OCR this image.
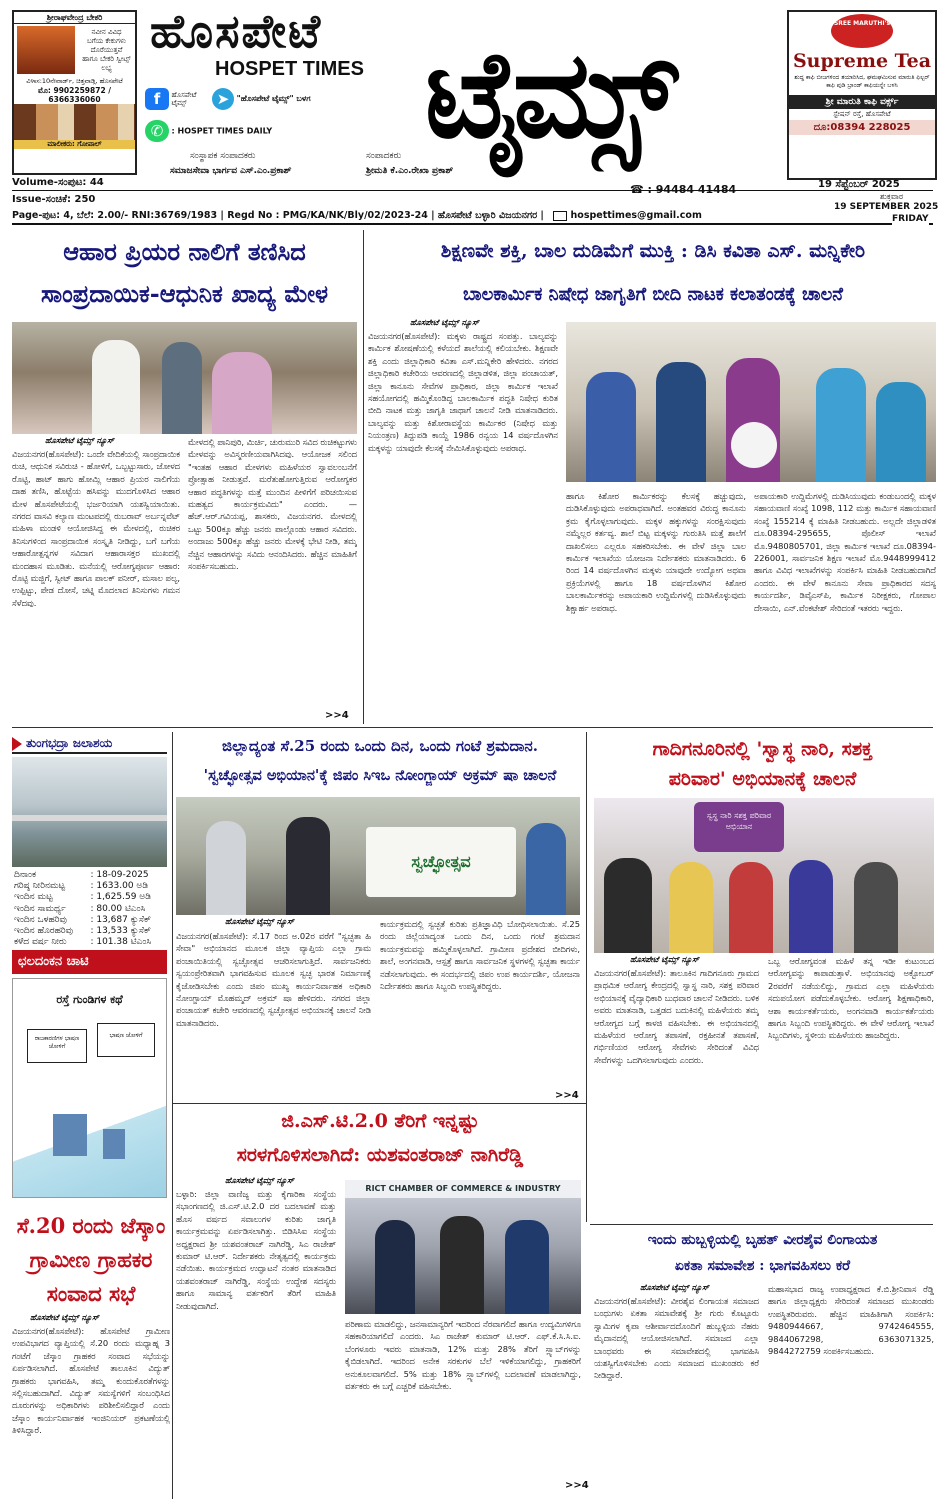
ಶ್ರೀರಾಘವೇಂದ್ರ ಬೇಕರಿ
ನವೀನ ವಿವಿಧ
ಬಗೆಯ ಕೇಕುಗಳು
ದೊರೆಯುತ್ತವೆ
ಹಾಗೂ ಬೇಕರಿ ಸ್ವೀಟ್ಸ್ ಲಭ್ಯ
ವಿಳಾಸ:10ನೇವಾರ್ಡ್, ಚಿತ್ತವಾಡ್ಗಿ, ಹೊಸಪೇಟೆ
ಮೊ: 9902259872 / 6366336060
ಮಾಲೀಕರು: ಗೋಪಾಲ್
ಹೊಸಪೇಟೆ
HOSPET TIMES
f ಹೊಸಪೇಟೆ ಟೈಮ್ಸ್ ➤ "ಹೊಸಪೇಟೆ ಟೈಮ್ಸ್" ಬಳಗ
✆ : HOSPET TIMES DAILY	ಟೈಮ್ಸ್
SREE MARUTHI's
Supreme Tea
ಶುದ್ಧ ಕಾಫಿ ಬೀಜಗಳಿಂದ ತಯಾರಿಸಿದ, ಘಮಘಮಿಸುವ ಮಾರುತಿ ಫಿಲ್ಟರ್ ಕಾಫಿ ಪುಡಿ ಬ್ರಾಂಡ್ ಕಾಫಿಯನ್ನೇ ಬಳಸಿ
ಶ್ರೀ ಮಾರುತಿ ಕಾಫಿ ವರ್ಕ್ಸ್
ಸ್ಟೇಷನ್ ರಸ್ತೆ, ಹೊಸಪೇಟೆ
ದೂ:08394 228025
ಸಂಸ್ಥಾಪಕ ಸಂಪಾದಕರು
ಸಮಾಜಸೇವಾ ಭಾರ್ಗವ ಎಸ್.ಎಂ.ಪ್ರಕಾಶ್
ಸಂಪಾದಕರು
ಶ್ರೀಮತಿ ಕೆ.ಎಂ.ರೇಖಾ ಪ್ರಕಾಶ್
☎ : 94484 41484	19 ಸೆಪ್ಟೆಂಬರ್ 2025
ಶುಕ್ರವಾರ
Volume-ಸಂಪುಟ: 44
Issue-ಸಂಚಿಕೆ: 250
Page-ಪುಟ: 4, ಬೆಲೆ: 2.00/- RNI:36769/1983 | Regd No : PMG/KA/NK/Bly/02/2023-24 | ಹೊಸಪೇಟೆ ಬಳ್ಳಾರಿ ವಿಜಯನಗರ |	hospettimes@gmail.com
19 SEPTEMBER 2025
FRIDAY
ಆಹಾರ ಪ್ರಿಯರ ನಾಲಿಗೆ ತಣಿಸಿದ
ಸಾಂಪ್ರದಾಯಿಕ-ಆಧುನಿಕ ಖಾದ್ಯ ಮೇಳ
ಹೊಸಪೇಟೆ ಟೈಮ್ಸ್ ನ್ಯೂಸ್
ವಿಜಯನಗರ(ಹೊಸಪೇಟೆ): ಒಂದೇ ವೇದಿಕೆಯಲ್ಲಿ ಸಾಂಪ್ರದಾಯಿಕ ರುಚಿ, ಆಧುನಿಕ ಸವಿರುಚಿ - ಹೋಳಿಗೆ, ಒಬ್ಬಟ್ಟುಸಾರು, ಜೋಳದ ರೊಟ್ಟಿ, ಹಾಟ್ ಹಾಗು ಹೋಮ್ಲಿ ಆಹಾರ ಪ್ರಿಯರ ನಾಲಿಗೆಯ ದಾಹ ತಣಿಸಿ, ಹೊಟ್ಟೆಯ ಹಸಿವನ್ನು ಮುದಗೊಳಿಸಿದ ಆಹಾರ ಮೇಳ ಹೊಸಪೇಟೆಯಲ್ಲಿ ಭರ್ಜರಿಯಾಗಿ ಯಶಸ್ವಿಯಾಯಿತು. ನಗರದ ವಾಸವಿ ಕಲ್ಯಾಣ ಮಂಟಪದಲ್ಲಿ ರುಬರಾವ್ ಅರ್ಬನ್ನವೆಟ್ ಮಹಿಳಾ ಮಂಡಳಿ ಆಯೋಜಿಸಿದ್ದ ಈ ಮೇಳದಲ್ಲಿ, ರುಚಿಕರ ತಿನಿಸುಗಳಿಂದ ಸಾಂಪ್ರದಾಯಿಕ ಸಂಸ್ಕೃತಿ ನೀಡಿದ್ದು, ಬಗೆ ಬಗೆಯ ಆಹಾರೋತ್ಪನ್ನಗಳ ಸವಿದಾಗ ಆಹಾರಾಸಕ್ತರ ಮುಖದಲ್ಲಿ ಮಂದಹಾಸ ಮೂಡಿತು. ಮನೆಯಲ್ಲಿ ಆರೋಗ್ಯಪೂರ್ಣ ಆಹಾರ: ರೊಟ್ಟಿ ಮಜ್ಜಿಗೆ, ಸ್ವೀಟ್ ಹಾಗೂ ಪಾಲಕ್ ಪನೀರ್, ಮಸಾಲ ಪಲ್ಯ, ಉಪ್ಪಿಟ್ಟು, ಪೇಡ ದೋಸೆ, ಚಟ್ನಿ ಮೊದಲಾದ ತಿನಿಸುಗಳು ಗಮನ ಸೆಳೆದವು.
ಮೇಳದಲ್ಲಿ ಪಾನಿಪುರಿ, ಮಿರ್ಚಿ, ಚುರುಮುರಿ ಸವಿದ ರುಚಿಕಟ್ಟುಗಳು ಮೇಳವನ್ನು ಅವಿಸ್ಮರಣೀಯವಾಗಿಸಿದವು. ಆಯೋಜಕ ಸಲಿಂದ "ಇಂತಹ ಆಹಾರ ಮೇಳಗಳು ಮಹಿಳೆಯರ ಸ್ವಾವಲಂಬನೆಗೆ ಪ್ರೋತ್ಸಾಹ ನೀಡುತ್ತವೆ. ಮರೆತುಹೋಗುತ್ತಿರುವ ಆರೋಗ್ಯಕರ ಆಹಾರ ಪದ್ಧತಿಗಳನ್ನು ಮತ್ತೆ ಮುಂದಿನ ಪೀಳಿಗೆಗೆ ಪರಿಚಯಿಸುವ ಮಹತ್ವದ ಕಾರ್ಯಕ್ರಮವಿದು" ಎಂದರು. —ಹೆಚ್.ಆರ್.ಗವಿಯಪ್ಪ, ಶಾಸಕರು, ವಿಜಯನಗರ. ಮೇಳದಲ್ಲಿ ಒಟ್ಟು 500ಕ್ಕೂ ಹೆಚ್ಚು ಜನರು ಪಾಲ್ಗೊಂಡು ಆಹಾರ ಸವಿದರು. ಅಂದಾಜು 500ಕ್ಕೂ ಹೆಚ್ಚು ಜನರು ಮೇಳಕ್ಕೆ ಭೇಟಿ ನೀಡಿ, ತಮ್ಮ ನೆಚ್ಚಿನ ಆಹಾರಗಳನ್ನು ಸವಿದು ಆನಂದಿಸಿದರು. ಹೆಚ್ಚಿನ ಮಾಹಿತಿಗೆ ಸಂಪರ್ಕಿಸಬಹುದು.
>>4
ಶಿಕ್ಷಣವೇ ಶಕ್ತಿ, ಬಾಲ ದುಡಿಮೆಗೆ ಮುಕ್ತಿ : ಡಿಸಿ ಕವಿತಾ ಎಸ್. ಮನ್ನಿಕೇರಿ
ಬಾಲಕಾರ್ಮಿಕ ನಿಷೇಧ ಜಾಗೃತಿಗೆ ಬೀದಿ ನಾಟಕ ಕಲಾತಂಡಕ್ಕೆ ಚಾಲನೆ
ಹೊಸಪೇಟೆ ಟೈಮ್ಸ್ ನ್ಯೂಸ್
ವಿಜಯನಗರ(ಹೊಸಪೇಟೆ): ಮಕ್ಕಳು ರಾಷ್ಟ್ರದ ಸಂಪತ್ತು. ಬಾಲ್ಯವನ್ನು ಕಾರ್ಮಿಕ ಶೋಷಣೆಯಲ್ಲಿ ಕಳೆಯದೆ ಶಾಲೆಯಲ್ಲಿ ಕಲಿಯಬೇಕು. ಶಿಕ್ಷಣವೇ ಶಕ್ತಿ ಎಂದು ಜಿಲ್ಲಾಧಿಕಾರಿ ಕವಿತಾ ಎಸ್.ಮನ್ನಿಕೇರಿ ಹೇಳಿದರು. ನಗರದ ಜಿಲ್ಲಾಧಿಕಾರಿ ಕಚೇರಿಯ ಆವರಣದಲ್ಲಿ ಜಿಲ್ಲಾಡಳಿತ, ಜಿಲ್ಲಾ ಪಂಚಾಯತ್, ಜಿಲ್ಲಾ ಕಾನೂನು ಸೇವೆಗಳ ಪ್ರಾಧಿಕಾರ, ಜಿಲ್ಲಾ ಕಾರ್ಮಿಕ ಇಲಾಖೆ ಸಹಯೋಗದಲ್ಲಿ ಹಮ್ಮಿಕೊಂಡಿದ್ದ ಬಾಲಕಾರ್ಮಿಕ ಪದ್ಧತಿ ನಿಷೇಧ ಕುರಿತ ಬೀದಿ ನಾಟಕ ಮತ್ತು ಜಾಗೃತಿ ಜಾಥಾಗೆ ಚಾಲನೆ ನೀಡಿ ಮಾತನಾಡಿದರು. ಬಾಲ್ಯವನ್ನು ಮತ್ತು ಕಿಶೋರಾವಸ್ಥೆಯ ಕಾರ್ಮಿಕರ (ನಿಷೇಧ ಮತ್ತು ನಿಯಂತ್ರಣ) ತಿದ್ದುಪಡಿ ಕಾಯ್ದೆ 1986 ರನ್ವಯ 14 ವರ್ಷದೊಳಗಿನ ಮಕ್ಕಳನ್ನು ಯಾವುದೇ ಕೆಲಸಕ್ಕೆ ನೇಮಿಸಿಕೊಳ್ಳುವುದು ಅಪರಾಧ.
ಹಾಗೂ ಕಿಶೋರ ಕಾರ್ಮಿಕರನ್ನು ಕೆಲಸಕ್ಕೆ ಹಚ್ಚುವುದು, ದುಡಿಸಿಕೊಳ್ಳುವುದು ಅಪರಾಧವಾಗಿದೆ. ಅಂತಹವರ ವಿರುದ್ಧ ಕಾನೂನು ಕ್ರಮ ಕೈಗೊಳ್ಳಲಾಗುವುದು. ಮಕ್ಕಳ ಹಕ್ಕುಗಳನ್ನು ಸಂರಕ್ಷಿಸುವುದು ನಮ್ಮೆಲ್ಲರ ಕರ್ತವ್ಯ. ಶಾಲೆ ಬಿಟ್ಟ ಮಕ್ಕಳನ್ನು ಗುರುತಿಸಿ ಮತ್ತೆ ಶಾಲೆಗೆ ದಾಖಲಿಸಲು ಎಲ್ಲರೂ ಸಹಕರಿಸಬೇಕು. ಈ ವೇಳೆ ಜಿಲ್ಲಾ ಬಾಲ ಕಾರ್ಮಿಕ ಇಲಾಖೆಯ ಯೋಜನಾ ನಿರ್ದೇಶಕರು ಮಾತನಾಡಿದರು. 6 ರಿಂದ 14 ವರ್ಷದೊಳಗಿನ ಮಕ್ಕಳು ಯಾವುದೇ ಉದ್ಯೋಗ ಅಥವಾ ಪ್ರಕ್ರಿಯೆಗಳಲ್ಲಿ ಹಾಗೂ 18 ವರ್ಷದೊಳಗಿನ ಕಿಶೋರ ಬಾಲಕಾರ್ಮಿಕರನ್ನು ಅಪಾಯಕಾರಿ ಉದ್ದಿಮೆಗಳಲ್ಲಿ ದುಡಿಸಿಕೊಳ್ಳುವುದು ಶಿಕ್ಷಾರ್ಹ ಅಪರಾಧ.
ಅಪಾಯಕಾರಿ ಉದ್ದಿಮೆಗಳಲ್ಲಿ ದುಡಿಸಿಯುವುದು ಕಂಡುಬಂದಲ್ಲಿ ಮಕ್ಕಳ ಸಹಾಯವಾಣಿ ಸಂಖ್ಯೆ 1098, 112 ಮತ್ತು ಕಾರ್ಮಿಕ ಸಹಾಯವಾಣಿ ಸಂಖ್ಯೆ 155214 ಕ್ಕೆ ಮಾಹಿತಿ ನೀಡಬಹುದು. ಅಲ್ಲದೇ ಜಿಲ್ಲಾಡಳಿತ ದೂ.08394-295655, ಪೊಲೀಸ್ ಇಲಾಖೆ ಮೊ.9480805701, ಜಿಲ್ಲಾ ಕಾರ್ಮಿಕ ಇಲಾಖೆ ದೂ.08394-226001, ಸಾರ್ವಜನಿಕ ಶಿಕ್ಷಣ ಇಲಾಖೆ ಮೊ.9448999412 ಹಾಗೂ ವಿವಿಧ ಇಲಾಖೆಗಳನ್ನು ಸಂಪರ್ಕಿಸಿ ಮಾಹಿತಿ ನೀಡಬಹುದಾಗಿದೆ ಎಂದರು. ಈ ವೇಳೆ ಕಾನೂನು ಸೇವಾ ಪ್ರಾಧಿಕಾರದ ಸದಸ್ಯ ಕಾರ್ಯದರ್ಶಿ, ಡಿವೈಎಸ್‌ಪಿ, ಕಾರ್ಮಿಕ ನಿರೀಕ್ಷಕರು, ಗೋಪಾಲ ದೇಸಾಯಿ, ಎನ್.ವೆಂಕಟೇಶ್ ಸೇರಿದಂತೆ ಇತರರು ಇದ್ದರು.
ತುಂಗಭದ್ರಾ ಜಲಾಶಯ
ದಿನಾಂಕ	: 18-09-2025
ಗರಿಷ್ಠ ನೀರಿನಮಟ್ಟ	: 1633.00 ಅಡಿ
ಇಂದಿನ ಮಟ್ಟ	: 1,625.59 ಅಡಿ
ಇಂದಿನ ಸಾಮರ್ಥ್ಯ	: 80.00 ಟಿಎಂಸಿ
ಇಂದಿನ ಒಳಹರಿವು	: 13,687 ಕ್ಯುಸೆಕ್
ಇಂದಿನ ಹೊರಹರಿವು	: 13,533 ಕ್ಯುಸೆಕ್
ಕಳೆದ ವರ್ಷ ನೀರು	: 101.38 ಟಿಎಂಸಿ
ಛಲದಂಕನ ಚಾಟಿ
ರಸ್ತೆ ಗುಂಡಿಗಳ ಕಥೆ
ರಾಜಕಾರಣಿಗಳ ಭಾಷಣ ಜೋಳಿಗೆ
ಭಾಷಣ ಜೋಳಿಗೆ
ಜಿಲ್ಲಾದ್ಯಂತ ಸೆ.25 ರಂದು ಒಂದು ದಿನ, ಒಂದು ಗಂಟೆ ಶ್ರಮದಾನ.
'ಸ್ವಚ್ಛೋತ್ಸವ ಅಭಿಯಾನ'ಕ್ಕೆ ಜಿಪಂ ಸಿಇಒ ನೋಂಗ್ಜಾಯ್ ಅಕ್ರಮ್ ಷಾ ಚಾಲನೆ
ಸ್ವಚ್ಛೋತ್ಸವ
ಹೊಸಪೇಟೆ ಟೈಮ್ಸ್ ನ್ಯೂಸ್
ವಿಜಯನಗರ(ಹೊಸಪೇಟೆ): ಸೆ.17 ರಿಂದ ಅ.02ರ ವರೆಗೆ "ಸ್ವಚ್ಛತಾ ಹಿ ಸೇವಾ" ಅಭಿಯಾನದ ಮೂಲಕ ಜಿಲ್ಲಾ ವ್ಯಾಪ್ತಿಯ ಎಲ್ಲಾ ಗ್ರಾಮ ಪಂಚಾಯಿತಿಯಲ್ಲಿ ಸ್ವಚ್ಛೋತ್ಸವ ಆಚರಿಸಲಾಗುತ್ತಿದೆ. ಸಾರ್ವಜನಿಕರು ಸ್ವಯಂಪ್ರೇರಿತವಾಗಿ ಭಾಗವಹಿಸುವ ಮೂಲಕ ಸ್ವಚ್ಛ ಭಾರತ ನಿರ್ಮಾಣಕ್ಕೆ ಕೈಜೋಡಿಸಬೇಕು ಎಂದು ಜಿಪಂ ಮುಖ್ಯ ಕಾರ್ಯನಿರ್ವಾಹಕ ಅಧಿಕಾರಿ ನೋಂಗ್ಜಾಯ್ ಮೊಹಮ್ಮದ್ ಅಕ್ರಮ್ ಷಾ ಹೇಳಿದರು. ನಗರದ ಜಿಲ್ಲಾ ಪಂಚಾಯತ್ ಕಚೇರಿ ಆವರಣದಲ್ಲಿ ಸ್ವಚ್ಛೋತ್ಸವ ಅಭಿಯಾನಕ್ಕೆ ಚಾಲನೆ ನೀಡಿ ಮಾತನಾಡಿದರು.
ಕಾರ್ಯಕ್ರಮದಲ್ಲಿ ಸ್ವಚ್ಛತೆ ಕುರಿತು ಪ್ರತಿಜ್ಞಾವಿಧಿ ಬೋಧಿಸಲಾಯಿತು. ಸೆ.25 ರಂದು ಜಿಲ್ಲೆಯಾದ್ಯಂತ ಒಂದು ದಿನ, ಒಂದು ಗಂಟೆ ಶ್ರಮದಾನ ಕಾರ್ಯಕ್ರಮವನ್ನು ಹಮ್ಮಿಕೊಳ್ಳಲಾಗಿದೆ. ಗ್ರಾಮೀಣ ಪ್ರದೇಶದ ಬೀದಿಗಳು, ಶಾಲೆ, ಅಂಗನವಾಡಿ, ಆಸ್ಪತ್ರೆ ಹಾಗೂ ಸಾರ್ವಜನಿಕ ಸ್ಥಳಗಳಲ್ಲಿ ಸ್ವಚ್ಛತಾ ಕಾರ್ಯ ನಡೆಸಲಾಗುವುದು. ಈ ಸಂದರ್ಭದಲ್ಲಿ ಜಿಪಂ ಉಪ ಕಾರ್ಯದರ್ಶಿ, ಯೋಜನಾ ನಿರ್ದೇಶಕರು ಹಾಗೂ ಸಿಬ್ಬಂದಿ ಉಪಸ್ಥಿತರಿದ್ದರು.
>>4
ಗಾದಿಗನೂರಿನಲ್ಲಿ 'ಸ್ವಾಸ್ಥ ನಾರಿ, ಸಶಕ್ತ
ಪರಿವಾರ' ಅಭಿಯಾನಕ್ಕೆ ಚಾಲನೆ
ಸ್ವಸ್ಥ ನಾರಿ ಸಶಕ್ತ ಪರಿವಾರ ಅಭಿಯಾನ
ಹೊಸಪೇಟೆ ಟೈಮ್ಸ್ ನ್ಯೂಸ್
ವಿಜಯನಗರ(ಹೊಸಪೇಟೆ): ತಾಲೂಕಿನ ಗಾದಿಗನೂರು ಗ್ರಾಮದ ಪ್ರಾಥಮಿಕ ಆರೋಗ್ಯ ಕೇಂದ್ರದಲ್ಲಿ ಸ್ವಾಸ್ಥ ನಾರಿ, ಸಶಕ್ತ ಪರಿವಾರ ಅಭಿಯಾನಕ್ಕೆ ವೈದ್ಯಾಧಿಕಾರಿ ಬುಧವಾರ ಚಾಲನೆ ನೀಡಿದರು. ಬಳಿಕ ಅವರು ಮಾತನಾಡಿ, ಒತ್ತಡದ ಬದುಕಿನಲ್ಲಿ ಮಹಿಳೆಯರು ತಮ್ಮ ಆರೋಗ್ಯದ ಬಗ್ಗೆ ಕಾಳಜಿ ವಹಿಸಬೇಕು. ಈ ಅಭಿಯಾನದಲ್ಲಿ ಮಹಿಳೆಯರ ಆರೋಗ್ಯ ತಪಾಸಣೆ, ರಕ್ತಹೀನತೆ ತಪಾಸಣೆ, ಗರ್ಭಿಣಿಯರ ಆರೋಗ್ಯ ಸೇವೆಗಳು ಸೇರಿದಂತೆ ವಿವಿಧ ಸೇವೆಗಳನ್ನು ಒದಗಿಸಲಾಗುವುದು ಎಂದರು.
ಒಬ್ಬ ಆರೋಗ್ಯವಂತ ಮಹಿಳೆ ತನ್ನ ಇಡೀ ಕುಟುಂಬದ ಆರೋಗ್ಯವನ್ನು ಕಾಪಾಡುತ್ತಾಳೆ. ಅಭಿಯಾನವು ಅಕ್ಟೋಬರ್ 2ರವರೆಗೆ ನಡೆಯಲಿದ್ದು, ಗ್ರಾಮದ ಎಲ್ಲಾ ಮಹಿಳೆಯರು ಸದುಪಯೋಗ ಪಡೆದುಕೊಳ್ಳಬೇಕು. ಆರೋಗ್ಯ ಶಿಕ್ಷಣಾಧಿಕಾರಿ, ಆಶಾ ಕಾರ್ಯಕರ್ತೆಯರು, ಅಂಗನವಾಡಿ ಕಾರ್ಯಕರ್ತೆಯರು ಹಾಗೂ ಸಿಬ್ಬಂದಿ ಉಪಸ್ಥಿತರಿದ್ದರು. ಈ ವೇಳೆ ಆರೋಗ್ಯ ಇಲಾಖೆ ಸಿಬ್ಬಂದಿಗಳು, ಸ್ಥಳೀಯ ಮಹಿಳೆಯರು ಹಾಜರಿದ್ದರು.
ಜಿ.ಎಸ್.ಟಿ.2.0 ತೆರಿಗೆ ಇನ್ನಷ್ಟು
ಸರಳಗೊಳಿಸಲಾಗಿದೆ: ಯಶವಂತರಾಜ್ ನಾಗಿರೆಡ್ಡಿ
ಹೊಸಪೇಟೆ ಟೈಮ್ಸ್ ನ್ಯೂಸ್
ಬಳ್ಳಾರಿ: ಜಿಲ್ಲಾ ವಾಣಿಜ್ಯ ಮತ್ತು ಕೈಗಾರಿಕಾ ಸಂಸ್ಥೆಯ ಸಭಾಂಗಣದಲ್ಲಿ ಜಿ.ಎಸ್.ಟಿ.2.0 ದರ ಬದಲಾವಣೆ ಮತ್ತು ಹೊಸ ವರ್ಷದ ಸವಾಲುಗಳ ಕುರಿತು ಜಾಗೃತಿ ಕಾರ್ಯಕ್ರಮವನ್ನು ಏರ್ಪಡಿಸಲಾಗಿತ್ತು. ಬಿಡಿಸಿಸಿಐ ಸಂಸ್ಥೆಯ ಅಧ್ಯಕ್ಷರಾದ ಶ್ರೀ ಯಶವಂತರಾಜ್ ನಾಗಿರೆಡ್ಡಿ, ಸಿಎ ರಾಜೇಶ್ ಕುಮಾರ್ ಟಿ.ಆರ್. ನಿರ್ದೇಶಕರು ನೇತೃತ್ವದಲ್ಲಿ ಕಾರ್ಯಕ್ರಮ ನಡೆಯಿತು. ಕಾರ್ಯಕ್ರಮದ ಉದ್ಘಾಟನೆ ನಂತರ ಮಾತನಾಡಿದ ಯಶವಂತರಾಜ್ ನಾಗಿರೆಡ್ಡಿ, ಸಂಸ್ಥೆಯ ಉದ್ದೇಶ ಸದಸ್ಯರು ಹಾಗೂ ಸಾಮಾನ್ಯ ವರ್ತಕರಿಗೆ ತೆರಿಗೆ ಮಾಹಿತಿ ನೀಡುವುದಾಗಿದೆ.
RICT CHAMBER OF COMMERCE & INDUSTRY
ಪರಿಣಾಮ ಮಾಡಲಿದ್ದು, ಜನಸಾಮಾನ್ಯರಿಗೆ ಇದರಿಂದ ನೆರವಾಗಲಿದೆ ಹಾಗೂ ಉದ್ಯಮಿಗಳಿಗೂ ಸಹಕಾರಿಯಾಗಲಿದೆ ಎಂದರು. ಸಿಎ ರಾಜೇಶ್ ಕುಮಾರ್ ಟಿ.ಆರ್. ಎಫ್.ಕೆ.ಸಿ.ಸಿ.ಐ. ಬೆಂಗಳೂರು ಇವರು ಮಾತನಾಡಿ, 12% ಮತ್ತು 28% ತೆರಿಗೆ ಸ್ಲ್ಯಾಬ್‌ಗಳನ್ನು ಕೈಬಿಡಲಾಗಿದೆ. ಇದರಿಂದ ಅನೇಕ ಸರಕುಗಳ ಬೆಲೆ ಇಳಿಕೆಯಾಗಲಿದ್ದು, ಗ್ರಾಹಕರಿಗೆ ಅನುಕೂಲವಾಗಲಿದೆ. 5% ಮತ್ತು 18% ಸ್ಲ್ಯಾಬ್‌ಗಳಲ್ಲಿ ಬದಲಾವಣೆ ಮಾಡಲಾಗಿದ್ದು, ವರ್ತಕರು ಈ ಬಗ್ಗೆ ಎಚ್ಚರಿಕೆ ವಹಿಸಬೇಕು.
>>4
ಸೆ.20 ರಂದು ಜೆಸ್ಕಾಂ
ಗ್ರಾಮೀಣ ಗ್ರಾಹಕರ
ಸಂವಾದ ಸಭೆ
ಹೊಸಪೇಟೆ ಟೈಮ್ಸ್ ನ್ಯೂಸ್
ವಿಜಯನಗರ(ಹೊಸಪೇಟೆ): ಹೊಸಪೇಟೆ ಗ್ರಾಮೀಣ ಉಪವಿಭಾಗದ ವ್ಯಾಪ್ತಿಯಲ್ಲಿ ಸೆ.20 ರಂದು ಮಧ್ಯಾಹ್ನ 3 ಗಂಟೆಗೆ ಜೆಸ್ಕಾಂ ಗ್ರಾಹಕರ ಸಂವಾದ ಸಭೆಯನ್ನು ಏರ್ಪಡಿಸಲಾಗಿದೆ. ಹೊಸಪೇಟೆ ತಾಲೂಕಿನ ವಿದ್ಯುತ್ ಗ್ರಾಹಕರು ಭಾಗವಹಿಸಿ, ತಮ್ಮ ಕುಂದುಕೊರತೆಗಳನ್ನು ಸಲ್ಲಿಸಬಹುದಾಗಿದೆ. ವಿದ್ಯುತ್ ಸಮಸ್ಯೆಗಳಿಗೆ ಸಂಬಂಧಿಸಿದ ದೂರುಗಳನ್ನು ಅಧಿಕಾರಿಗಳು ಪರಿಶೀಲಿಸಲಿದ್ದಾರೆ ಎಂದು ಜೆಸ್ಕಾಂ ಕಾರ್ಯನಿರ್ವಾಹಕ ಇಂಜಿನಿಯರ್ ಪ್ರಕಟಣೆಯಲ್ಲಿ ತಿಳಿಸಿದ್ದಾರೆ.
ಇಂದು ಹುಬ್ಬಳ್ಳಿಯಲ್ಲಿ ಬೃಹತ್ ವೀರಶೈವ ಲಿಂಗಾಯತ
ಏಕತಾ ಸಮಾವೇಶ : ಭಾಗವಹಿಸಲು ಕರೆ
ಹೊಸಪೇಟೆ ಟೈಮ್ಸ್ ನ್ಯೂಸ್
ವಿಜಯನಗರ(ಹೊಸಪೇಟೆ): ವೀರಶೈವ ಲಿಂಗಾಯತ ಸಮಾಜದ ಬಂಧುಗಳು ಏಕತಾ ಸಮಾವೇಶಕ್ಕೆ ಶ್ರೀ ಗುರು ಕೊಟ್ಟೂರು ಸ್ವಾಮಿಗಳ ಕೃಪಾ ಆಶೀರ್ವಾದದೊಂದಿಗೆ ಹುಬ್ಬಳ್ಳಿಯ ನೆಹರು ಮೈದಾನದಲ್ಲಿ ಆಯೋಜಿಸಲಾಗಿದೆ. ಸಮಾಜದ ಎಲ್ಲಾ ಬಾಂಧವರು ಈ ಸಮಾವೇಶದಲ್ಲಿ ಭಾಗವಹಿಸಿ ಯಶಸ್ವಿಗೊಳಿಸಬೇಕು ಎಂದು ಸಮಾಜದ ಮುಖಂಡರು ಕರೆ ನೀಡಿದ್ದಾರೆ.
ಮಹಾಸಭಾದ ರಾಜ್ಯ ಉಪಾಧ್ಯಕ್ಷರಾದ ಕೆ.ಬಿ.ಶ್ರೀನಿವಾಸ ರೆಡ್ಡಿ ಹಾಗೂ ಜಿಲ್ಲಾಧ್ಯಕ್ಷರು ಸೇರಿದಂತೆ ಸಮಾಜದ ಮುಖಂಡರು ಉಪಸ್ಥಿತರಿರುವರು. ಹೆಚ್ಚಿನ ಮಾಹಿತಿಗಾಗಿ ಸಂಪರ್ಕಿಸಿ: 9480944667, 9742464555, 9844067298, 6363071325, 9844272759 ಸಂಪರ್ಕಿಸಬಹುದು.
